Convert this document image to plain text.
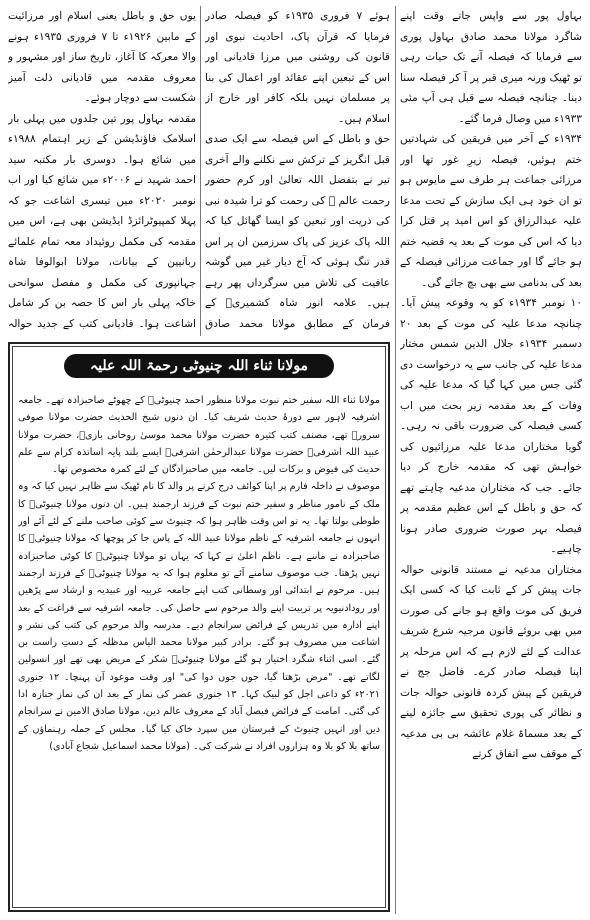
بہاول پور سے واپس جاتے وقت اپنے شاگرد مولانا محمد صادق بہاول پوری سے فرمایا کہ فیصلہ آنے تک حیات رہی تو ٹھیک ورنہ میری قبر پر آ کر فیصلہ سنا دینا۔ چنانچہ فیصلہ سے قبل ہی آپ مئی ۱۹۳۳ء میں وصال فرما گئے۔

۱۹۳۴ء کے آخر میں فریقین کی شہادتیں ختم ہوئیں، فیصلہ زیرِ غور تھا اور مرزائی جماعت ہر طرف سے مایوس ہو تو ان خود ہی ایک سازش کے تحت مدعا علیہ عبدالرزاق کو اس امید پر قتل کرا دیا کہ اس کی موت کے بعد یہ قضیہ ختم ہو جائے گا اور جماعت مرزائی فیصلہ کے بعد کی بدنامی سے بھی بچ جائے گی۔

۱۰ نومبر ۱۹۳۴ء کو یہ وقوعہ پیش آیا۔ چنانچہ مدعا علیہ کی موت کے بعد ۲۰ دسمبر ۱۹۳۴ء جلال الدین شمس مختار مدعا علیہ کی جانب سے یہ درخواست دی گئی جس میں کہا گیا کہ مدعا علیہ کی وفات کے بعد مقدمہ زیر بحث میں اب کسی فیصلہ کی ضرورت باقی نہ رہی۔ گویا مختاران مدعا علیہ مرزائیوں کی خواہش تھی کہ مقدمہ خارج کر دیا جائے۔ جب کہ مختاران مدعیہ چاہتے تھے کہ حق و باطل کے اس عظیم مقدمہ پر فیصلہ بہر صورت ضروری صادر ہونا چاہیے۔

مختاران مدعیہ نے مستند قانونی حوالہ جات پیش کر کے ثابت کیا کہ کسی ایک فریق کی موت واقع ہو جانے کی صورت میں بھی بروئے قانون مرجیہ شرع شریف عدالت کے لئے لازم ہے کہ اس مرحلہ پر اپنا فیصلہ صادر کرے۔ فاضل جج نے فریقین کے پیش کردہ قانونی حوالہ جات و نظائر کی پوری تحقیق سے جائزہ لینے کے بعد مسماۃ غلام عائشہ بی بی مدعیہ کے موقف سے اتفاق کرتے

ہوئے ۷ فروری ۱۹۳۵ء کو فیصلہ صادر فرمایا کہ قرآن پاک، احادیث نبوی اور قانون کی روشنی میں مرزا قادیانی اور اس کے تبعین اپنے عقائد اور اعمال کی بنا پر مسلمان نہیں بلکہ کافر اور خارج از اسلام ہیں۔

حق و باطل کے اس فیصلہ سے ایک صدی قبل انگریز کے ترکش سے نکلنے والے آخری تیر نے بتفضل اللہ تعالیٰ اور کرم حضور رحمت عالم ﷺ کی رحمت کو ترا شیدہ نبی کی ذریت اور تبعین کو ایسا گھائل کیا کہ اللہ پاک عزیز کی پاک سرزمین ان پر اس قدر تنگ ہوئی کہ آج دیار غیر میں گوشہ عافیت کی تلاش میں سرگرداں پھر رہے ہیں۔ علامہ انور شاہ کشمیریؒ کے فرمان کے مطابق مولانا محمد صادق

یوں حق و باطل یعنی اسلام اور مرزائیت کے مابین ۱۹۲۶ء تا ۷ فروری ۱۹۳۵ء ہونے والا معرکہ کا آغاز، تاریخ ساز اور مشہور و معروف مقدمہ میں قادیانی ذلت آمیز شکست سے دوچار ہوئے۔

مقدمہ بہاول پور تین جلدوں میں پہلی بار اسلامک فاؤنڈیشن کے زیر اہتمام ۱۹۸۸ء میں شائع ہوا۔ دوسری بار مکتبہ سید احمد شہید نے ۲۰۰۶ء میں شائع کیا اور اب نومبر ۲۰۲۰ء میں تیسری اشاعت جو کہ پہلا کمپیوٹرائزڈ ایڈیشن بھی ہے، اس میں مقدمہ کی مکمل روئیداد معہ تمام علمائے ربانیین کے بیانات، مولانا ابوالوفا شاہ جہانپوری کی مکمل و مفصل سوانحی خاکہ پہلی بار اس کا حصہ بن کر شامل اشاعت ہوا۔ قادیانی کتب کے جدید حوالہ

مولانا ثناء اللہ چنیوٹی رحمۃ اللہ علیہ

مولانا ثناء اللہ سفیر ختم نبوت مولانا منظور احمد چنیوٹیؒ کے چھوٹے صاحبزادہ تھے۔ جامعہ اشرفیہ لاہور سے دورۂ حدیث شریف کیا۔ ان دنوں شیخ الحدیث حضرت مولانا صوفی سرورؒ تھے، مصنف کتب کثیرہ حضرت مولانا محمد موسیٰ روحانی بازیؒ، حضرت مولانا عبید اللہ اشرفیؒ حضرت مولانا عبدالرحمٰن اشرفیؒ ایسے بلند پایہ اساتذہ کرام سے علم حدیث کی فیوض و برکات لیں۔ جامعہ میں صاحبزادگان کے لئے کمرہ مخصوص تھا۔

موصوف نے داخلہ فارم پر اپنا کوائف درج کرنے پر والد کا نام ٹھیک سے ظاہر نہیں کیا کہ وہ ملک کے نامور مناظر و سفیر ختم نبوت کے فرزند ارجمند ہیں۔ ان دنوں مولانا چنیوٹیؒ کا طوطی بولتا تھا۔ یہ تو اس وقت ظاہر ہوا کہ چنیوٹ سے کوئی صاحب ملنے کے لئے آئے اور انہوں نے جامعہ اشرفیہ کے ناظم مولانا عبید اللہ کے پاس جا کر پوچھا کہ مولانا چنیوٹیؒ کا صاحبزادہ نے ماننے ہے۔ ناظم اعلیٰ نے کہا کہ یہاں تو مولانا چنیوٹیؒ کا کوئی صاحبزادہ نہیں پڑھتا۔ جب موصوف سامنے آئے تو معلوم ہوا کہ یہ مولانا چنیوٹیؒ کے فرزند ارجمند ہیں۔ مرحوم نے ابتدائی اور وسطانی کتب اپنے جامعہ عربیہ اور عبیدیہ و ارشاد سے پڑھیں اور رودادنیویہ پر تربیت اپنے والد مرحوم سے حاصل کی۔ جامعہ اشرفیہ سے فراغت کے بعد اپنے ادارہ میں تدریس کے فرائض سرانجام دیے۔ مدرسہ والد مرحوم کی کتب کی نشر و اشاعت میں مصروف ہو گئے۔ برادر کبیر مولانا محمد الیاس مدظلہ کے دستِ راست بن گئے۔ اسی اثناء شگرد اختیار ہو گئے مولانا چنیوٹیؒ شکر کے مریض بھی تھے اور انسولین لگاتے تھے۔ "مرض بڑھتا گیا، جوں جوں دوا کی" اور وقت موعود آن پہنچا۔ ۱۲ جنوری ۲۰۲۱ء کو داعی اجل کو لبیک کہا۔ ۱۳ جنوری عصر کی نماز کے بعد ان کی نماز جنازہ ادا کی گئی۔ امامت کے فرائض فیصل آباد کے معروف عالم دین، مولانا صادق الامین نے سرانجام دیں اور انہیں چنیوٹ کے قبرستان میں سپرد خاک کیا گیا۔ مجلس کے جملہ رہنماؤں کے ساتھ بلا کو بلا وہ ہزاروں افراد نے شرکت کی۔ (مولانا محمد اسماعیل شجاع آبادی)
